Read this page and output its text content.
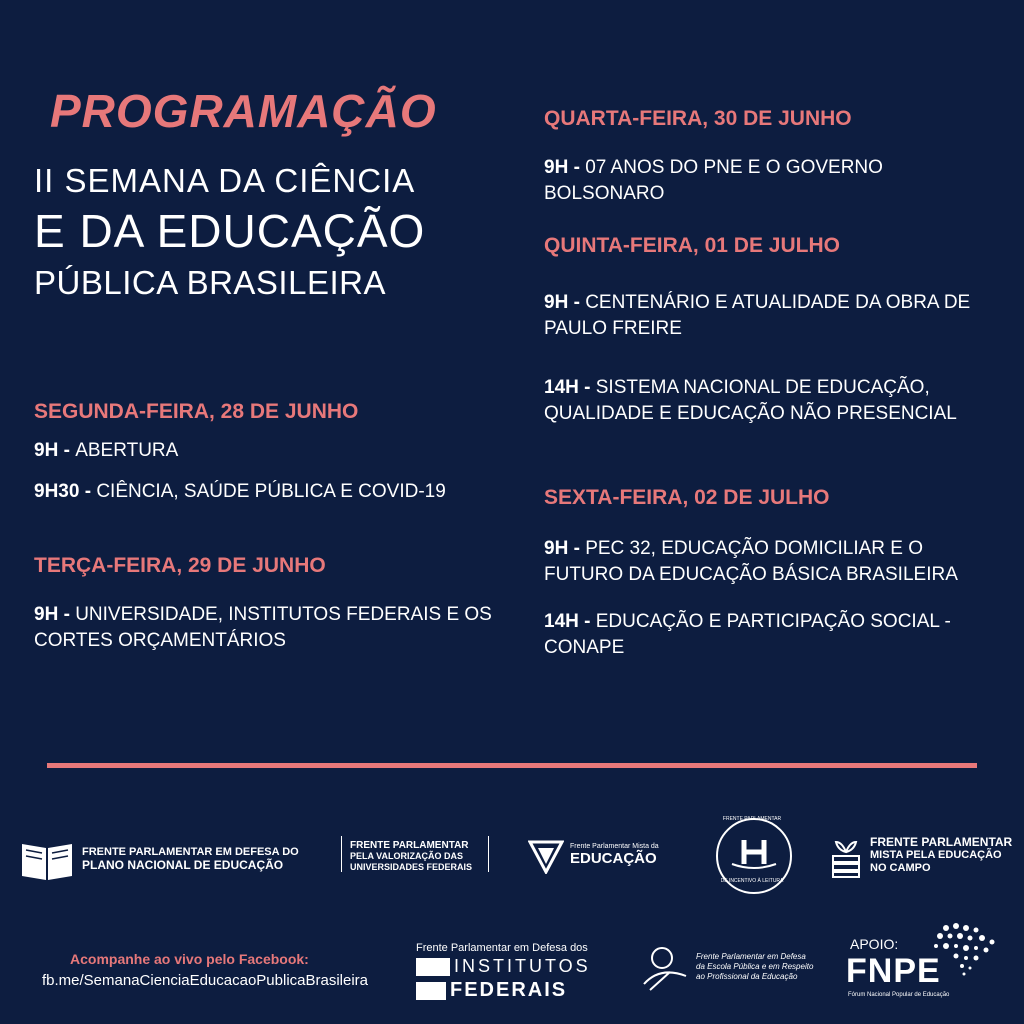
PROGRAMAÇÃO
II SEMANA DA CIÊNCIA
E DA EDUCAÇÃO
PÚBLICA BRASILEIRA
SEGUNDA-FEIRA, 28 DE JUNHO
9H - ABERTURA
9H30 - CIÊNCIA, SAÚDE PÚBLICA E COVID-19
TERÇA-FEIRA, 29 DE JUNHO
9H - UNIVERSIDADE, INSTITUTOS FEDERAIS E OS CORTES ORÇAMENTÁRIOS
QUARTA-FEIRA, 30 DE JUNHO
9H - 07 ANOS DO PNE E O GOVERNO BOLSONARO
QUINTA-FEIRA, 01 DE JULHO
9H - CENTENÁRIO E ATUALIDADE DA OBRA DE PAULO FREIRE
14H - SISTEMA NACIONAL DE EDUCAÇÃO, QUALIDADE E EDUCAÇÃO NÃO PRESENCIAL
SEXTA-FEIRA, 02 DE JULHO
9H - PEC 32, EDUCAÇÃO DOMICILIAR E O FUTURO DA EDUCAÇÃO BÁSICA BRASILEIRA
14H - EDUCAÇÃO E PARTICIPAÇÃO SOCIAL - CONAPE
FRENTE PARLAMENTAR EM DEFESA DO
PLANO NACIONAL DE EDUCAÇÃO
FRENTE PARLAMENTAR
PELA VALORIZAÇÃO DAS
UNIVERSIDADES FEDERAIS
Frente Parlamentar Mista da
EDUCAÇÃO
FRENTE PARLAMENTAR
DE INCENTIVO À LEITURA
FRENTE PARLAMENTAR
MISTA PELA EDUCAÇÃO
NO CAMPO
Acompanhe ao vivo pelo Facebook:
fb.me/SemanaCienciaEducacaoPublicaBrasileira
Frente Parlamentar em Defesa dos
INSTITUTOS
FEDERAIS
Frente Parlamentar em Defesa
da Escola Pública e em Respeito
ao Profissional da Educação
APOIO:
FNPE
Fórum Nacional Popular de Educação
